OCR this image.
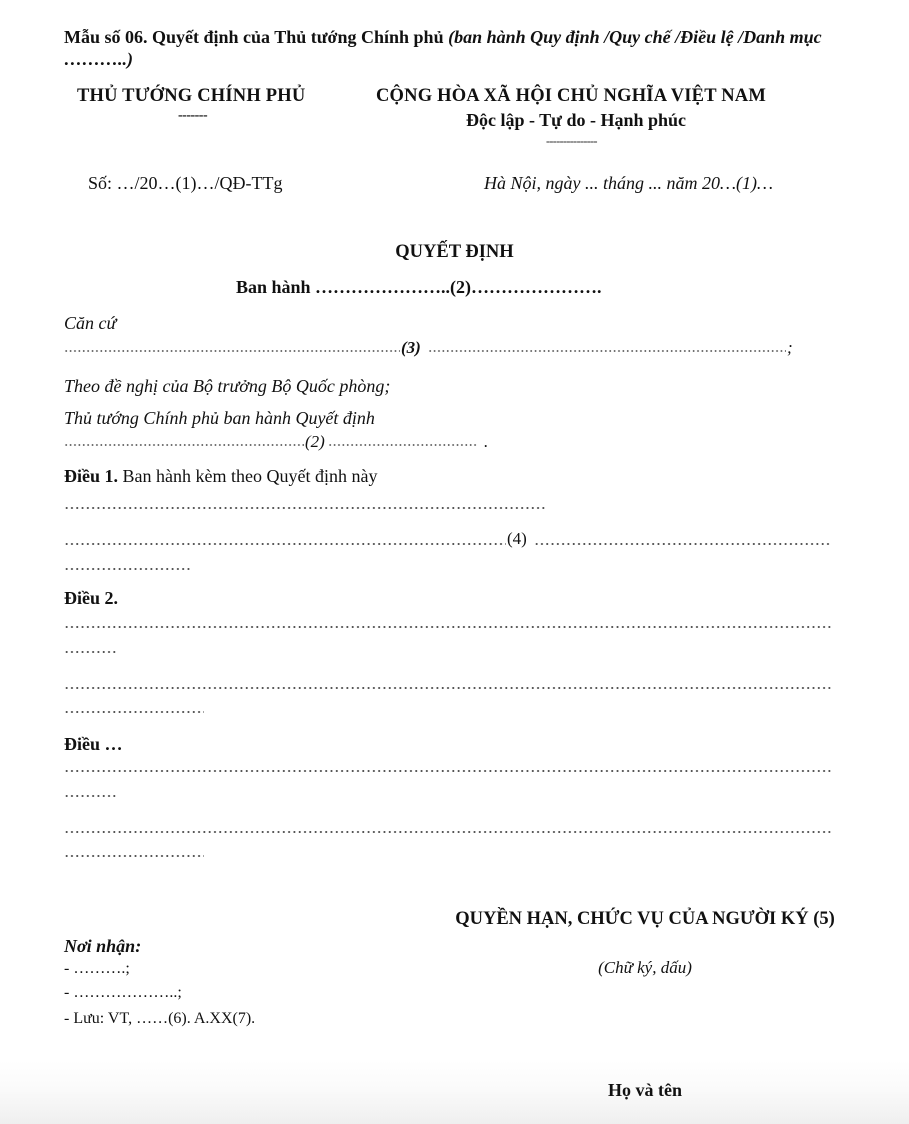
Mẫu số 06. Quyết định của Thủ tướng Chính phủ (ban hành Quy định /Quy chế /Điều lệ /Danh mục ………..)
THỦ TƯỚNG CHÍNH PHỦ
-------
CỘNG HÒA XÃ HỘI CHỦ NGHĨA VIỆT NAM
Độc lập - Tự do - Hạnh phúc
---------------
Số: …/20…(1)…/QĐ-TTg	Hà Nội, ngày ... tháng ... năm 20…(1)…
QUYẾT ĐỊNH
Ban hành …………………..(2)………………….
Căn cứ
(3)	;
Theo đề nghị của Bộ trưởng Bộ Quốc phòng;
Thủ tướng Chính phủ ban hành Quyết định
(2)	.
Điều 1. Ban hành kèm theo Quyết định này
(4)
Điều 2.
Điều …
Nơi nhận:
- ……….;
- ………………..;
- Lưu: VT, ……(6). A.XX(7).
QUYỀN HẠN, CHỨC VỤ CỦA NGƯỜI KÝ (5)
(Chữ ký, dấu)
Họ và tên
